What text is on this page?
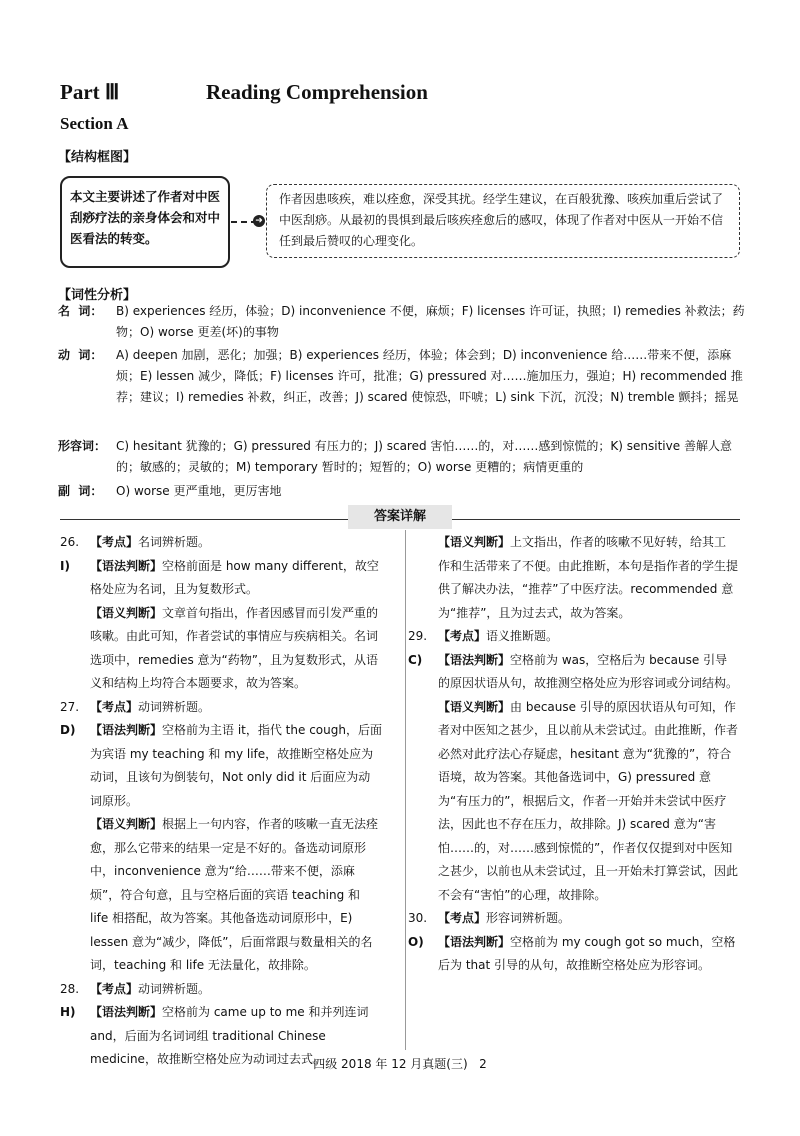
Part Ⅲ	Reading Comprehension
Section A
【结构框图】
本文主要讲述了作者对中医刮痧疗法的亲身体会和对中医看法的转变。
➜
作者因患咳疾，难以痊愈，深受其扰。经学生建议，在百般犹豫、咳疾加重后尝试了中医刮痧。从最初的畏惧到最后咳疾痊愈后的感叹，体现了作者对中医从一开始不信任到最后赞叹的心理变化。
【词性分析】
名  词： B) experiences 经历，体验；D) inconvenience 不便，麻烦；F) licenses 许可证，执照；I) remedies 补救法；药物；O) worse 更差(坏)的事物
动  词： A) deepen 加剧，恶化；加强；B) experiences 经历，体验；体会到；D) inconvenience 给……带来不便，添麻烦；E) lessen 减少，降低；F) licenses 许可，批准；G) pressured 对……施加压力，强迫；H) recommended 推荐；建议；I) remedies 补救，纠正，改善；J) scared 使惊恐，吓唬；L) sink 下沉，沉没；N) tremble 颤抖；摇晃
形容词： C) hesitant 犹豫的；G) pressured 有压力的；J) scared 害怕……的，对……感到惊慌的；K) sensitive 善解人意的；敏感的；灵敏的；M) temporary 暂时的；短暂的；O) worse 更糟的；病情更重的
副  词： O) worse 更严重地，更厉害地
答案详解
26. 【考点】名词辨析题。
I) 【语法判断】空格前面是 how many different，故空格处应为名词，且为复数形式。
【语义判断】文章首句指出，作者因感冒而引发严重的咳嗽。由此可知，作者尝试的事情应与疾病相关。名词选项中，remedies 意为“药物”，且为复数形式，从语义和结构上均符合本题要求，故为答案。
27. 【考点】动词辨析题。
D) 【语法判断】空格前为主语 it，指代 the cough，后面为宾语 my teaching 和 my life，故推断空格处应为动词，且该句为倒装句，Not only did it 后面应为动词原形。
【语义判断】根据上一句内容，作者的咳嗽一直无法痊愈，那么它带来的结果一定是不好的。备选动词原形中，inconvenience 意为“给……带来不便，添麻烦”，符合句意，且与空格后面的宾语 teaching 和 life 相搭配，故为答案。其他备选动词原形中，E) lessen 意为“减少，降低”，后面常跟与数量相关的名词，teaching 和 life 无法量化，故排除。
28. 【考点】动词辨析题。
H) 【语法判断】空格前为 came up to me 和并列连词 and，后面为名词词组 traditional Chinese medicine，故推断空格处应为动词过去式。
【语义判断】上文指出，作者的咳嗽不见好转，给其工作和生活带来了不便。由此推断，本句是指作者的学生提供了解决办法，“推荐”了中医疗法。recommended 意为“推荐”，且为过去式，故为答案。
29. 【考点】语义推断题。
C) 【语法判断】空格前为 was，空格后为 because 引导的原因状语从句，故推测空格处应为形容词或分词结构。
【语义判断】由 because 引导的原因状语从句可知，作者对中医知之甚少，且以前从未尝试过。由此推断，作者必然对此疗法心存疑虑，hesitant 意为“犹豫的”，符合语境，故为答案。其他备选词中，G) pressured 意为“有压力的”，根据后文，作者一开始并未尝试中医疗法，因此也不存在压力，故排除。J) scared 意为“害怕……的，对……感到惊慌的”，作者仅仅提到对中医知之甚少，以前也从未尝试过，且一开始未打算尝试，因此不会有“害怕”的心理，故排除。
30. 【考点】形容词辨析题。
O) 【语法判断】空格前为 my cough got so much，空格后为 that 引导的从句，故推断空格处应为形容词。
四级 2018 年 12 月真题(三) 2
